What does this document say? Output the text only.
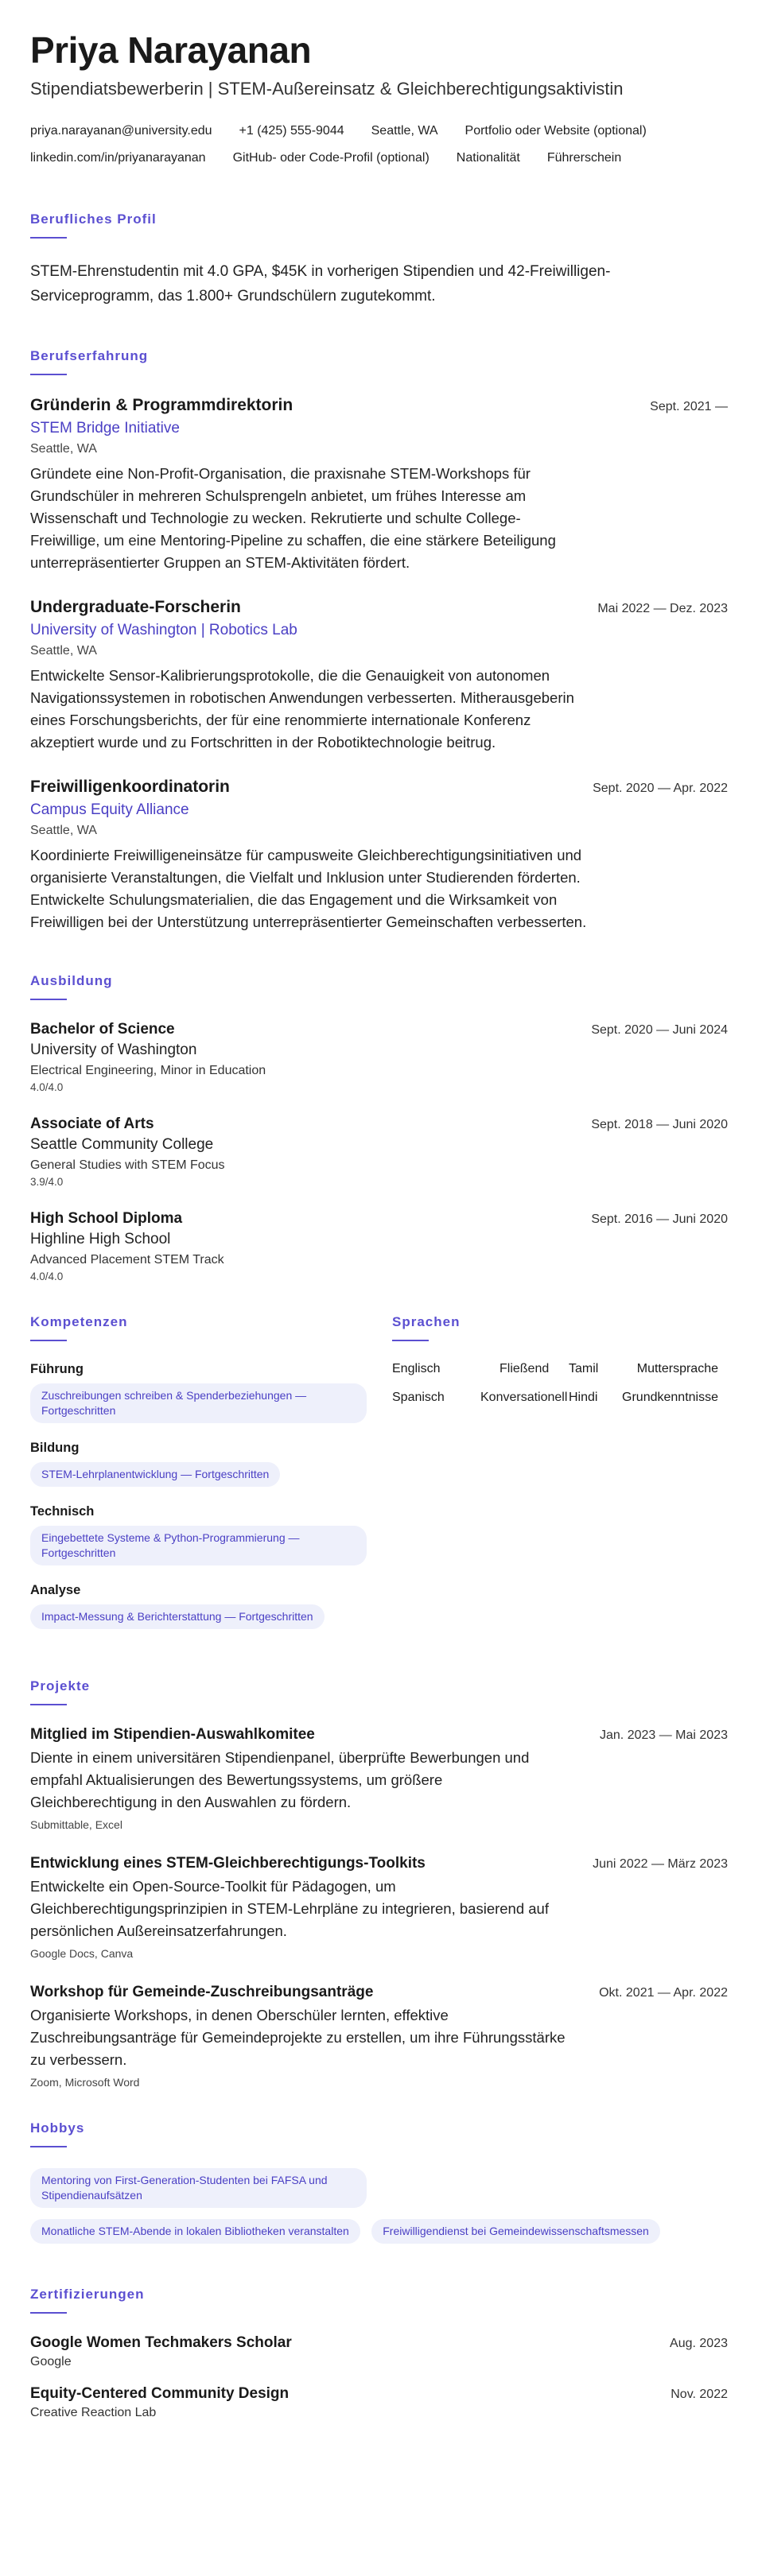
Priya Narayanan
Stipendiatsbewerberin | STEM-Außereinsatz & Gleichberechtigungsaktivistin
priya.narayanan@university.edu +1 (425) 555-9044 Seattle, WA Portfolio oder Website (optional)
linkedin.com/in/priyanarayanan GitHub- oder Code-Profil (optional) Nationalität Führerschein
Berufliches Profil
STEM-Ehrenstudentin mit 4.0 GPA, $45K in vorherigen Stipendien und 42-Freiwilligen-Serviceprogramm, das 1.800+ Grundschülern zugutekommt.
Berufserfahrung
Gründerin & Programmdirektorin	Sept. 2021 —
STEM Bridge Initiative
Seattle, WA
Gründete eine Non-Profit-Organisation, die praxisnahe STEM-Workshops für Grundschüler in mehreren Schulsprengeln anbietet, um frühes Interesse am Wissenschaft und Technologie zu wecken. Rekrutierte und schulte College-Freiwillige, um eine Mentoring-Pipeline zu schaffen, die eine stärkere Beteiligung unterrepräsentierter Gruppen an STEM-Aktivitäten fördert.
Undergraduate-Forscherin	Mai 2022 — Dez. 2023
University of Washington | Robotics Lab
Seattle, WA
Entwickelte Sensor-Kalibrierungsprotokolle, die die Genauigkeit von autonomen Navigationssystemen in robotischen Anwendungen verbesserten. Mitherausgeberin eines Forschungsberichts, der für eine renommierte internationale Konferenz akzeptiert wurde und zu Fortschritten in der Robotiktechnologie beitrug.
Freiwilligenkoordinatorin	Sept. 2020 — Apr. 2022
Campus Equity Alliance
Seattle, WA
Koordinierte Freiwilligeneinsätze für campusweite Gleichberechtigungsinitiativen und organisierte Veranstaltungen, die Vielfalt und Inklusion unter Studierenden förderten. Entwickelte Schulungsmaterialien, die das Engagement und die Wirksamkeit von Freiwilligen bei der Unterstützung unterrepräsentierter Gemeinschaften verbesserten.
Ausbildung
Bachelor of Science	Sept. 2020 — Juni 2024
University of Washington
Electrical Engineering, Minor in Education
4.0/4.0
Associate of Arts	Sept. 2018 — Juni 2020
Seattle Community College
General Studies with STEM Focus
3.9/4.0
High School Diploma	Sept. 2016 — Juni 2020
Highline High School
Advanced Placement STEM Track
4.0/4.0
Kompetenzen
Führung
Zuschreibungen schreiben & Spenderbeziehungen — Fortgeschritten
Bildung
STEM-Lehrplanentwicklung — Fortgeschritten
Technisch
Eingebettete Systeme & Python-Programmierung — Fortgeschritten
Analyse
Impact-Messung & Berichterstattung — Fortgeschritten
Sprachen
Englisch	Fließend	Tamil	Muttersprache
Spanisch	Konversationell Hindi	Grundkenntnisse
Projekte
Mitglied im Stipendien-Auswahlkomitee	Jan. 2023 — Mai 2023
Diente in einem universitären Stipendienpanel, überprüfte Bewerbungen und empfahl Aktualisierungen des Bewertungssystems, um größere Gleichberechtigung in den Auswahlen zu fördern.
Submittable, Excel
Entwicklung eines STEM-Gleichberechtigungs-Toolkits	Juni 2022 — März 2023
Entwickelte ein Open-Source-Toolkit für Pädagogen, um Gleichberechtigungsprinzipien in STEM-Lehrpläne zu integrieren, basierend auf persönlichen Außereinsatzerfahrungen.
Google Docs, Canva
Workshop für Gemeinde-Zuschreibungsanträge	Okt. 2021 — Apr. 2022
Organisierte Workshops, in denen Oberschüler lernten, effektive Zuschreibungsanträge für Gemeindeprojekte zu erstellen, um ihre Führungsstärke zu verbessern.
Zoom, Microsoft Word
Hobbys
Mentoring von First-Generation-Studenten bei FAFSA und Stipendienaufsätzen
Monatliche STEM-Abende in lokalen Bibliotheken veranstalten	Freiwilligendienst bei Gemeindewissenschaftsmessen
Zertifizierungen
Google Women Techmakers Scholar	Aug. 2023
Google
Equity-Centered Community Design	Nov. 2022
Creative Reaction Lab
